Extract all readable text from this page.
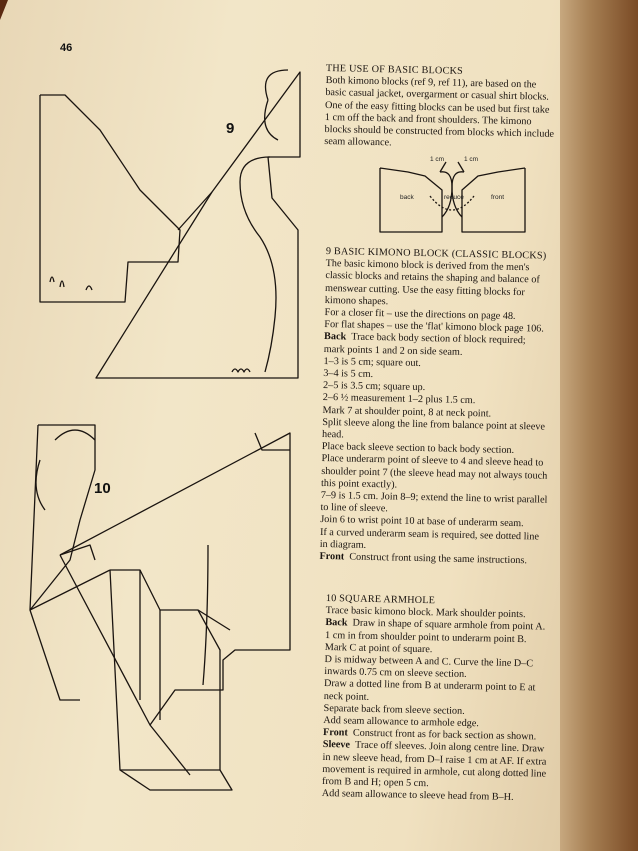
46
9
10
1 cm	1 cm
back	reduce	front

THE USE OF BASIC BLOCKS

Both kimono blocks (ref 9, ref 11), are based on the

basic casual jacket, overgarment or casual shirt blocks.

One of the easy fitting blocks can be used but first take

1 cm off the back and front shoulders. The kimono

blocks should be constructed from blocks which include

seam allowance.

9 BASIC KIMONO BLOCK (CLASSIC BLOCKS)

The basic kimono block is derived from the men's

classic blocks and retains the shaping and balance of

menswear cutting. Use the easy fitting blocks for

kimono shapes.

For a closer fit – use the directions on page 48.

For flat shapes – use the 'flat' kimono block page 106.

Back Trace back body section of block required;

mark points 1 and 2 on side seam.

1–3 is 5 cm; square out.

3–4 is 5 cm.

2–5 is 3.5 cm; square up.

2–6 ½ measurement 1–2 plus 1.5 cm.

Mark 7 at shoulder point, 8 at neck point.

Split sleeve along the line from balance point at sleeve

head.

Place back sleeve section to back body section.

Place underarm point of sleeve to 4 and sleeve head to

shoulder point 7 (the sleeve head may not always touch

this point exactly).

7–9 is 1.5 cm. Join 8–9; extend the line to wrist parallel

to line of sleeve.

Join 6 to wrist point 10 at base of underarm seam.

If a curved underarm seam is required, see dotted line

in diagram.

Front Construct front using the same instructions.

10 SQUARE ARMHOLE

Trace basic kimono block. Mark shoulder points.

Back Draw in shape of square armhole from point A.

1 cm in from shoulder point to underarm point B.

Mark C at point of square.

D is midway between A and C. Curve the line D–C

inwards 0.75 cm on sleeve section.

Draw a dotted line from B at underarm point to E at

neck point.

Separate back from sleeve section.

Add seam allowance to armhole edge.

Front Construct front as for back section as shown.

Sleeve Trace off sleeves. Join along centre line. Draw

in new sleeve head, from D–I raise 1 cm at AF. If extra

movement is required in armhole, cut along dotted line

from B and H; open 5 cm.

Add seam allowance to sleeve head from B–H.
